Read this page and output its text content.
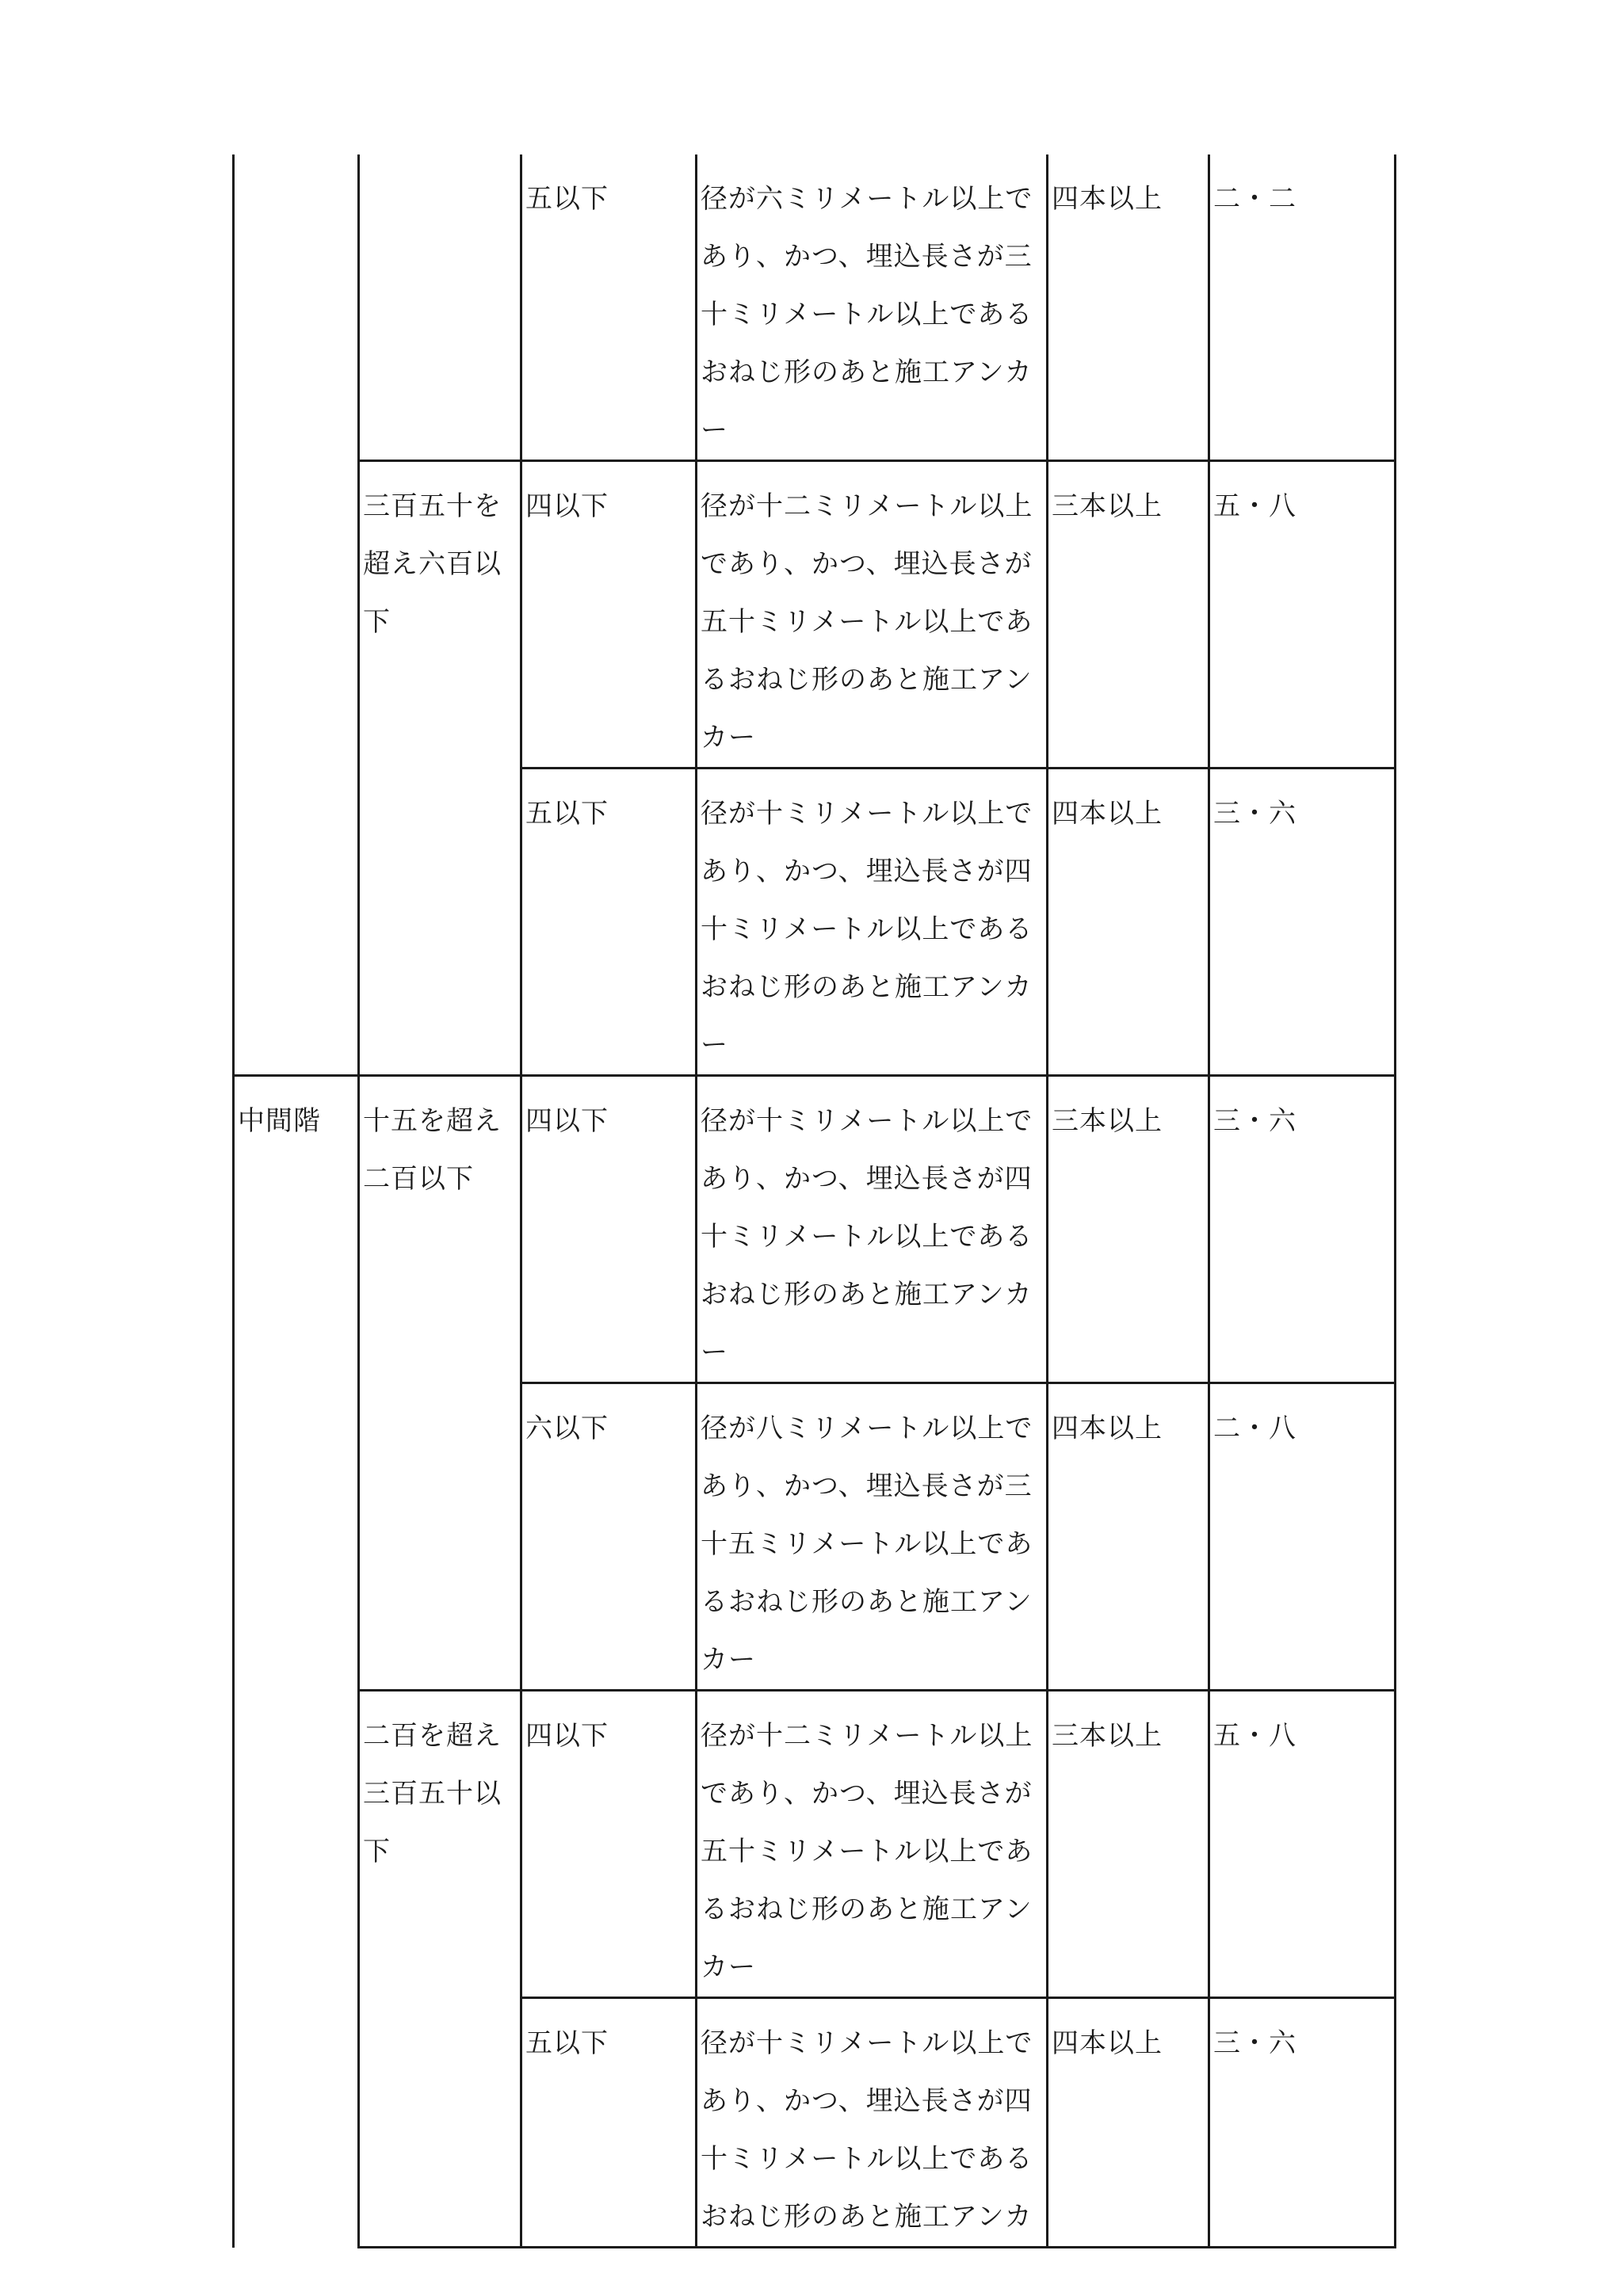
		五以下	径が六ミリメートル以上であり、かつ、埋込長さが三十ミリメートル以上であるおねじ形のあと施工アンカー	四本以上	二・二

	三百五十を超え六百以下	四以下	径が十二ミリメートル以上であり、かつ、埋込長さが五十ミリメートル以上であるおねじ形のあと施工アンカー	三本以上	五・八

		五以下	径が十ミリメートル以上であり、かつ、埋込長さが四十ミリメートル以上であるおねじ形のあと施工アンカー	四本以上	三・六

中間階	十五を超え二百以下	四以下	径が十ミリメートル以上であり、かつ、埋込長さが四十ミリメートル以上であるおねじ形のあと施工アンカー	三本以上	三・六

		六以下	径が八ミリメートル以上であり、かつ、埋込長さが三十五ミリメートル以上であるおねじ形のあと施工アンカー	四本以上	二・八

	二百を超え三百五十以下	四以下	径が十二ミリメートル以上であり、かつ、埋込長さが五十ミリメートル以上であるおねじ形のあと施工アンカー	三本以上	五・八

		五以下	径が十ミリメートル以上であり、かつ、埋込長さが四十ミリメートル以上であるおねじ形のあと施工アンカ	四本以上	三・六
